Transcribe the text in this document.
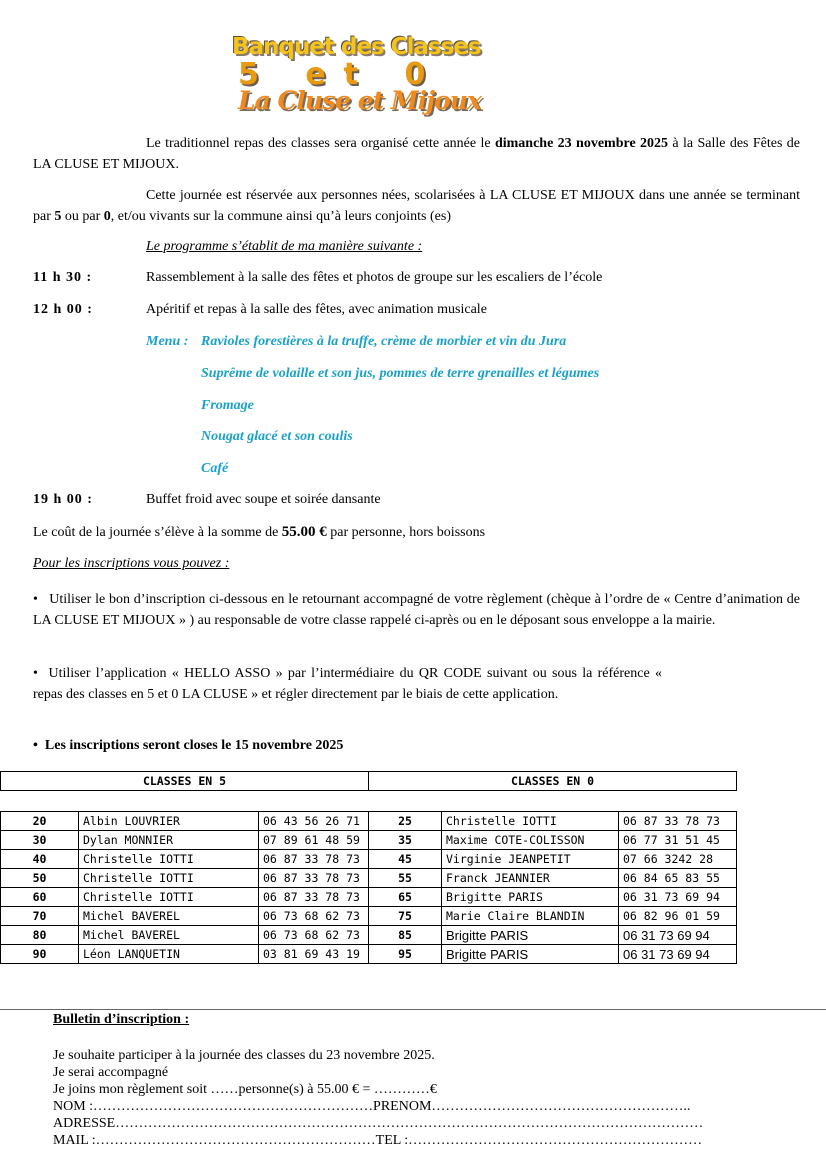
Banquet des Classes
5 et 0
La Cluse et Mijoux
Le traditionnel repas des classes sera organisé cette année le dimanche 23 novembre 2025 à la Salle des Fêtes de LA CLUSE ET MIJOUX.
Cette journée est réservée aux personnes nées, scolarisées à LA CLUSE ET MIJOUX dans une année se terminant par 5 ou par 0, et/ou vivants sur la commune ainsi qu’à leurs conjoints (es)
Le programme s’établit de ma manière suivante :
11 h 30 :	Rassemblement à la salle des fêtes et photos de groupe sur les escaliers de l’école
12 h 00 :	Apéritif et repas à la salle des fêtes, avec animation musicale
Menu : Ravioles forestières à la truffe, crème de morbier et vin du Jura
Suprême de volaille et son jus, pommes de terre grenailles et légumes
Fromage
Nougat glacé et son coulis
Café
19 h 00 :	Buffet froid avec soupe et soirée dansante
Le coût de la journée s’élève à la somme de 55.00 € par personne, hors boissons
Pour les inscriptions vous pouvez :
• Utiliser le bon d’inscription ci-dessous en le retournant accompagné de votre règlement (chèque à l’ordre de « Centre d’animation de LA CLUSE ET MIJOUX » ) au responsable de votre classe rappelé ci-après ou en le déposant sous enveloppe a la mairie.
• Utiliser l’application « HELLO ASSO » par l’intermédiaire du QR CODE suivant ou sous la référence « repas des classes en 5 et 0 LA CLUSE » et régler directement par le biais de cette application.
• Les inscriptions seront closes le 15 novembre 2025
CLASSES EN 5	CLASSES EN 0
20	Albin LOUVRIER	06 43 56 26 71	25	Christelle IOTTI	06 87 33 78 73
30	Dylan MONNIER	07 89 61 48 59	35	Maxime COTE-COLISSON	06 77 31 51 45
40	Christelle IOTTI	06 87 33 78 73	45	Virginie JEANPETIT	07 66 3242 28
50	Christelle IOTTI	06 87 33 78 73	55	Franck JEANNIER	06 84 65 83 55
60	Christelle IOTTI	06 87 33 78 73	65	Brigitte PARIS	06 31 73 69 94
70	Michel BAVEREL	06 73 68 62 73	75	Marie Claire BLANDIN	06 82 96 01 59
80	Michel BAVEREL	06 73 68 62 73	85	Brigitte PARIS	06 31 73 69 94
90	Léon LANQUETIN	03 81 69 43 19	95	Brigitte PARIS	06 31 73 69 94
Bulletin d’inscription :
Je souhaite participer à la journée des classes du 23 novembre 2025.
Je serai accompagné
Je joins mon règlement soit ……personne(s) à 55.00 € = …………€
NOM :……………………………………………………PRENOM………………………………………………..
ADRESSE………………………………………………………………………………………………………………
MAIL :……………………………………………………TEL :………………………………………………………
